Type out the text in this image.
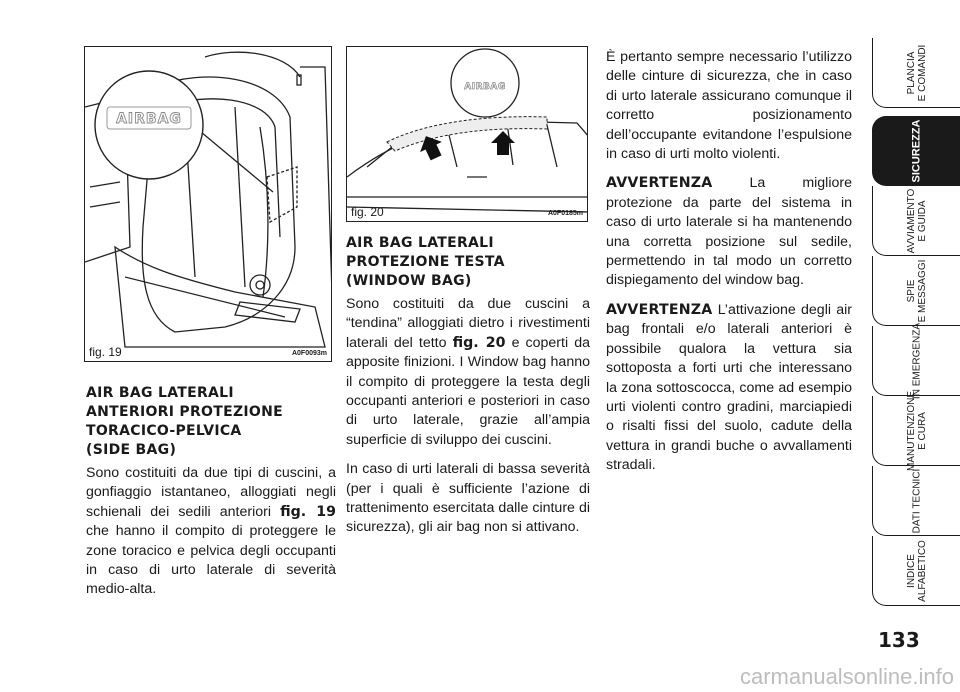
AIRBAG
fig. 19	A0F0093m
AIRBAG
fig. 20	A0F0185m
AIR BAG LATERALI
ANTERIORI PROTEZIONE
TORACICO-PELVICA
(SIDE BAG)

Sono costituiti da due tipi di cuscini, a gonfiaggio istantaneo, alloggiati negli schienali dei sedili anteriori fig. 19 che hanno il compito di proteggere le zone toracico e pelvica degli occupanti in caso di urto laterale di severità medio-alta.

AIR BAG LATERALI
PROTEZIONE TESTA
(WINDOW BAG)

Sono costituiti da due cuscini a “tendina” alloggiati dietro i rivestimenti laterali del tetto fig. 20 e coperti da apposite finizioni. I Window bag hanno il compito di proteggere la testa degli occupanti anteriori e posteriori in caso di urto laterale, grazie all’ampia superficie di sviluppo dei cuscini.

In caso di urti laterali di bassa severità (per i quali è sufficiente l’azione di trattenimento esercitata dalle cinture di sicurezza), gli air bag non si attivano.

È pertanto sempre necessario l’utilizzo delle cinture di sicurezza, che in caso di urto laterale assicurano comunque il corretto posizionamento dell’occupante evitandone l’espulsione in caso di urti molto violenti.

AVVERTENZA La migliore protezione da parte del sistema in caso di urto laterale si ha mantenendo una corretta posizione sul sedile, permettendo in tal modo un corretto dispiegamento del window bag.

AVVERTENZA L’attivazione degli air bag frontali e/o laterali anteriori è possibile qualora la vettura sia sottoposta a forti urti che interessano la zona sottoscocca, come ad esempio urti violenti contro gradini, marciapiedi o risalti fissi del suolo, cadute della vettura in grandi buche o avvallamenti stradali.

PLANCIA
E COMANDI
SICUREZZA
AVVIAMENTO
E GUIDA
SPIE
E MESSAGGI
IN EMERGENZA
MANUTENZIONE
E CURA
DATI TECNICI
INDICE
ALFABETICO
133
carmanualsonline.info
